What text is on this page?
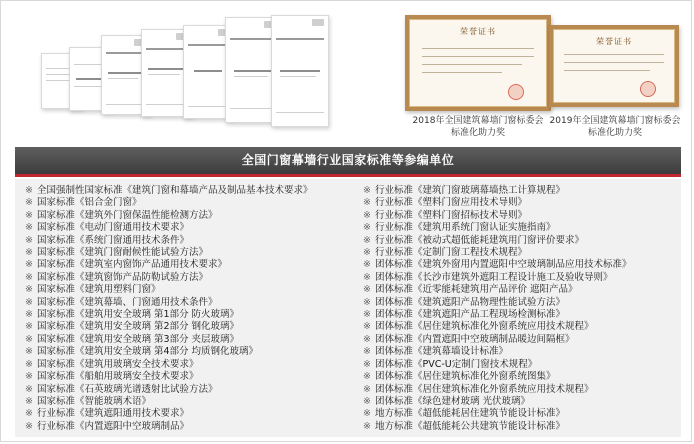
荣誉证书
2018年全国建筑幕墙门窗标委会
标准化助力奖
荣誉证书
2019年全国建筑幕墙门窗标委会
标准化助力奖
全国门窗幕墙行业国家标准等参编单位
※ 全国强制性国家标准《建筑门窗和幕墙产品及制品基本技术要求》
※ 国家标准《铝合金门窗》
※ 国家标准《建筑外门窗保温性能检测方法》
※ 国家标准《电动门窗通用技术要求》
※ 国家标准《系统门窗通用技术条件》
※ 国家标准《建筑门窗耐候性能试验方法》
※ 国家标准《建筑室内窗饰产品通用技术要求》
※ 国家标准《建筑窗饰产品防勒试验方法》
※ 国家标准《建筑用塑料门窗》
※ 国家标准《建筑幕墙、门窗通用技术条件》
※ 国家标准《建筑用安全玻璃 第1部分 防火玻璃》
※ 国家标准《建筑用安全玻璃 第2部分 钢化玻璃》
※ 国家标准《建筑用安全玻璃 第3部分 夹层玻璃》
※ 国家标准《建筑用安全玻璃 第4部分 均质钢化玻璃》
※ 国家标准《建筑用玻璃安全技术要求》
※ 国家标准《船舶用玻璃安全技术要求》
※ 国家标准《石英玻璃光谱透射比试验方法》
※ 国家标准《智能玻璃术语》
※ 行业标准《建筑遮阳通用技术要求》
※ 行业标准《内置遮阳中空玻璃制品》
※ 行业标准《建筑门窗玻璃幕墙热工计算规程》
※ 行业标准《塑料门窗应用技术导则》
※ 行业标准《塑料门窗招标技术导则》
※ 行业标准《建筑用系统门窗认证实施指南》
※ 行业标准《被动式超低能耗建筑用门窗评价要求》
※ 行业标准《定制门窗工程技术规程》
※ 团体标准《建筑外窗用内置遮阳中空玻璃制品应用技术标准》
※ 团体标准《长沙市建筑外遮阳工程设计施工及验收导则》
※ 团体标准《近零能耗建筑用产品评价 遮阳产品》
※ 团体标准《建筑遮阳产品物理性能试验方法》
※ 团体标准《建筑遮阳产品工程现场检测标准》
※ 团体标准《居住建筑标准化外窗系统应用技术规程》
※ 团体标准《内置遮阳中空玻璃制品暖边间隔框》
※ 团体标准《建筑幕墙设计标准》
※ 团体标准《PVC-U定制门窗技术规程》
※ 团体标准《居住建筑标准化外窗系统图集》
※ 团体标准《居住建筑标准化外窗系统应用技术规程》
※ 团体标准《绿色建材玻璃 光伏玻璃》
※ 地方标准《超低能耗居住建筑节能设计标准》
※ 地方标准《超低能耗公共建筑节能设计标准》
